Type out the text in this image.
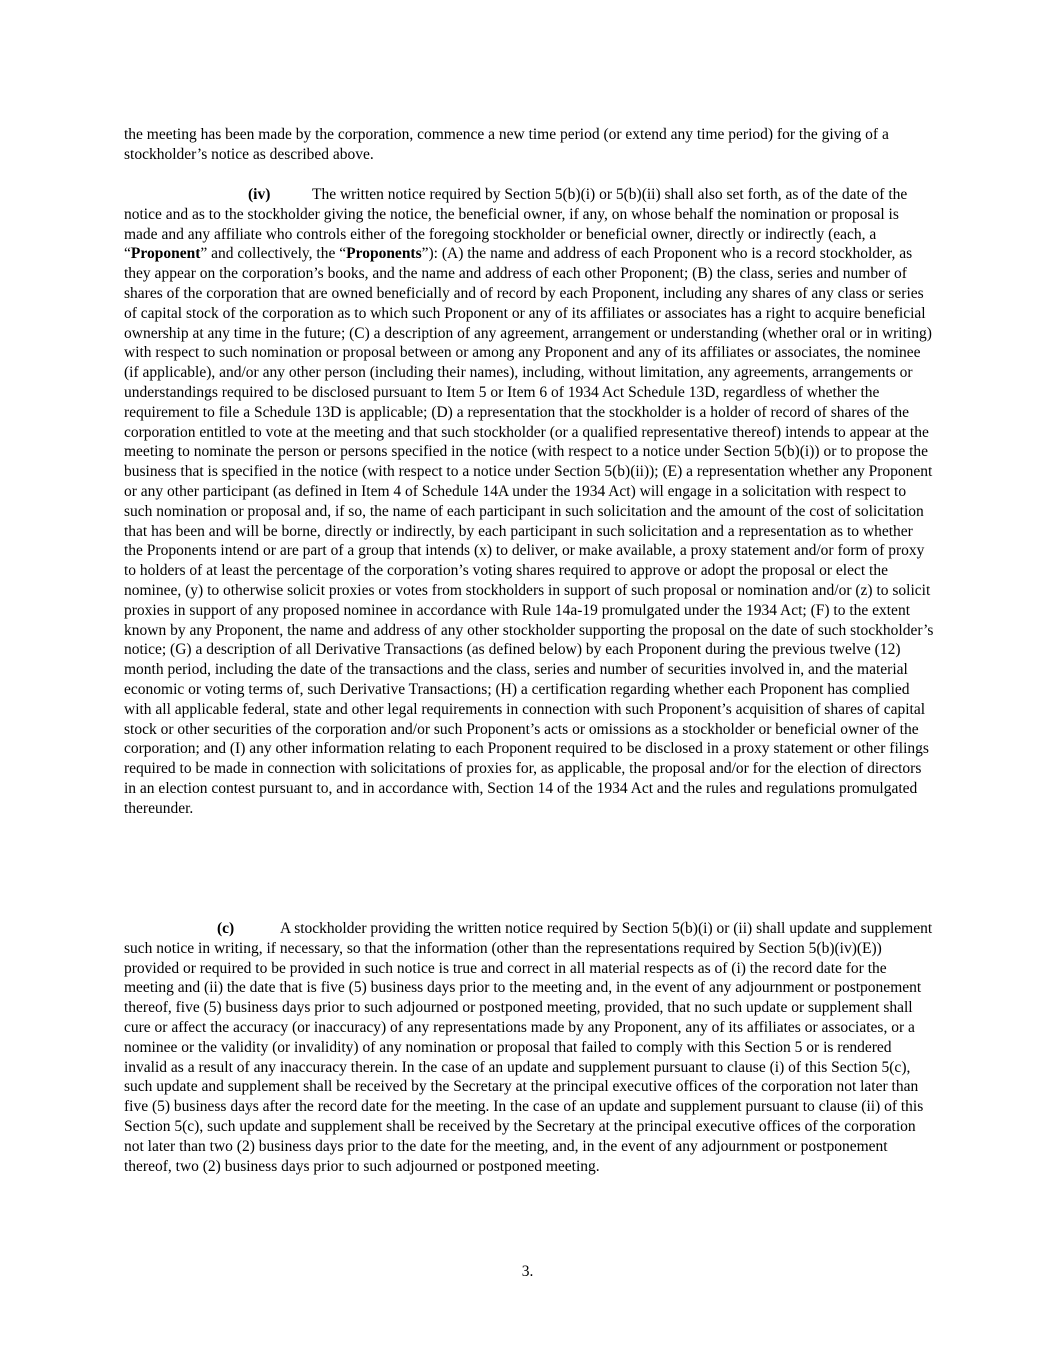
the meeting has been made by the corporation, commence a new time period (or extend any time period) for the giving of a stockholder’s notice as described above.

(iv)	The written notice required by Section 5(b)(i) or 5(b)(ii) shall also set forth, as of the date of the notice and as to the stockholder giving the notice, the beneficial owner, if any, on whose behalf the nomination or proposal is made and any affiliate who controls either of the foregoing stockholder or beneficial owner, directly or indirectly (each, a “Proponent” and collectively, the “Proponents”): (A) the name and address of each Proponent who is a record stockholder, as they appear on the corporation’s books, and the name and address of each other Proponent; (B) the class, series and number of shares of the corporation that are owned beneficially and of record by each Proponent, including any shares of any class or series of capital stock of the corporation as to which such Proponent or any of its affiliates or associates has a right to acquire beneficial ownership at any time in the future; (C) a description of any agreement, arrangement or understanding (whether oral or in writing) with respect to such nomination or proposal between or among any Proponent and any of its affiliates or associates, the nominee (if applicable), and/or any other person (including their names), including, without limitation, any agreements, arrangements or understandings required to be disclosed pursuant to Item 5 or Item 6 of 1934 Act Schedule 13D, regardless of whether the requirement to file a Schedule 13D is applicable; (D) a representation that the stockholder is a holder of record of shares of the corporation entitled to vote at the meeting and that such stockholder (or a qualified representative thereof) intends to appear at the meeting to nominate the person or persons specified in the notice (with respect to a notice under Section 5(b)(i)) or to propose the business that is specified in the notice (with respect to a notice under Section 5(b)(ii)); (E) a representation whether any Proponent or any other participant (as defined in Item 4 of Schedule 14A under the 1934 Act) will engage in a solicitation with respect to such nomination or proposal and, if so, the name of each participant in such solicitation and the amount of the cost of solicitation that has been and will be borne, directly or indirectly, by each participant in such solicitation and a representation as to whether the Proponents intend or are part of a group that intends (x) to deliver, or make available, a proxy statement and/or form of proxy to holders of at least the percentage of the corporation’s voting shares required to approve or adopt the proposal or elect the nominee, (y) to otherwise solicit proxies or votes from stockholders in support of such proposal or nomination and/or (z) to solicit proxies in support of any proposed nominee in accordance with Rule 14a-19 promulgated under the 1934 Act; (F) to the extent known by any Proponent, the name and address of any other stockholder supporting the proposal on the date of such stockholder’s notice; (G) a description of all Derivative Transactions (as defined below) by each Proponent during the previous twelve (12) month period, including the date of the transactions and the class, series and number of securities involved in, and the material economic or voting terms of, such Derivative Transactions; (H) a certification regarding whether each Proponent has complied with all applicable federal, state and other legal requirements in connection with such Proponent’s acquisition of shares of capital stock or other securities of the corporation and/or such Proponent’s acts or omissions as a stockholder or beneficial owner of the corporation; and (I) any other information relating to each Proponent required to be disclosed in a proxy statement or other filings required to be made in connection with solicitations of proxies for, as applicable, the proposal and/or for the election of directors in an election contest pursuant to, and in accordance with, Section 14 of the 1934 Act and the rules and regulations promulgated thereunder.

(c)	A stockholder providing the written notice required by Section 5(b)(i) or (ii) shall update and supplement such notice in writing, if necessary, so that the information (other than the representations required by Section 5(b)(iv)(E)) provided or required to be provided in such notice is true and correct in all material respects as of (i) the record date for the meeting and (ii) the date that is five (5) business days prior to the meeting and, in the event of any adjournment or postponement thereof, five (5) business days prior to such adjourned or postponed meeting, provided, that no such update or supplement shall cure or affect the accuracy (or inaccuracy) of any representations made by any Proponent, any of its affiliates or associates, or a nominee or the validity (or invalidity) of any nomination or proposal that failed to comply with this Section 5 or is rendered invalid as a result of any inaccuracy therein. In the case of an update and supplement pursuant to clause (i) of this Section 5(c), such update and supplement shall be received by the Secretary at the principal executive offices of the corporation not later than five (5) business days after the record date for the meeting. In the case of an update and supplement pursuant to clause (ii) of this Section 5(c), such update and supplement shall be received by the Secretary at the principal executive offices of the corporation not later than two (2) business days prior to the date for the meeting, and, in the event of any adjournment or postponement thereof, two (2) business days prior to such adjourned or postponed meeting.

3.
